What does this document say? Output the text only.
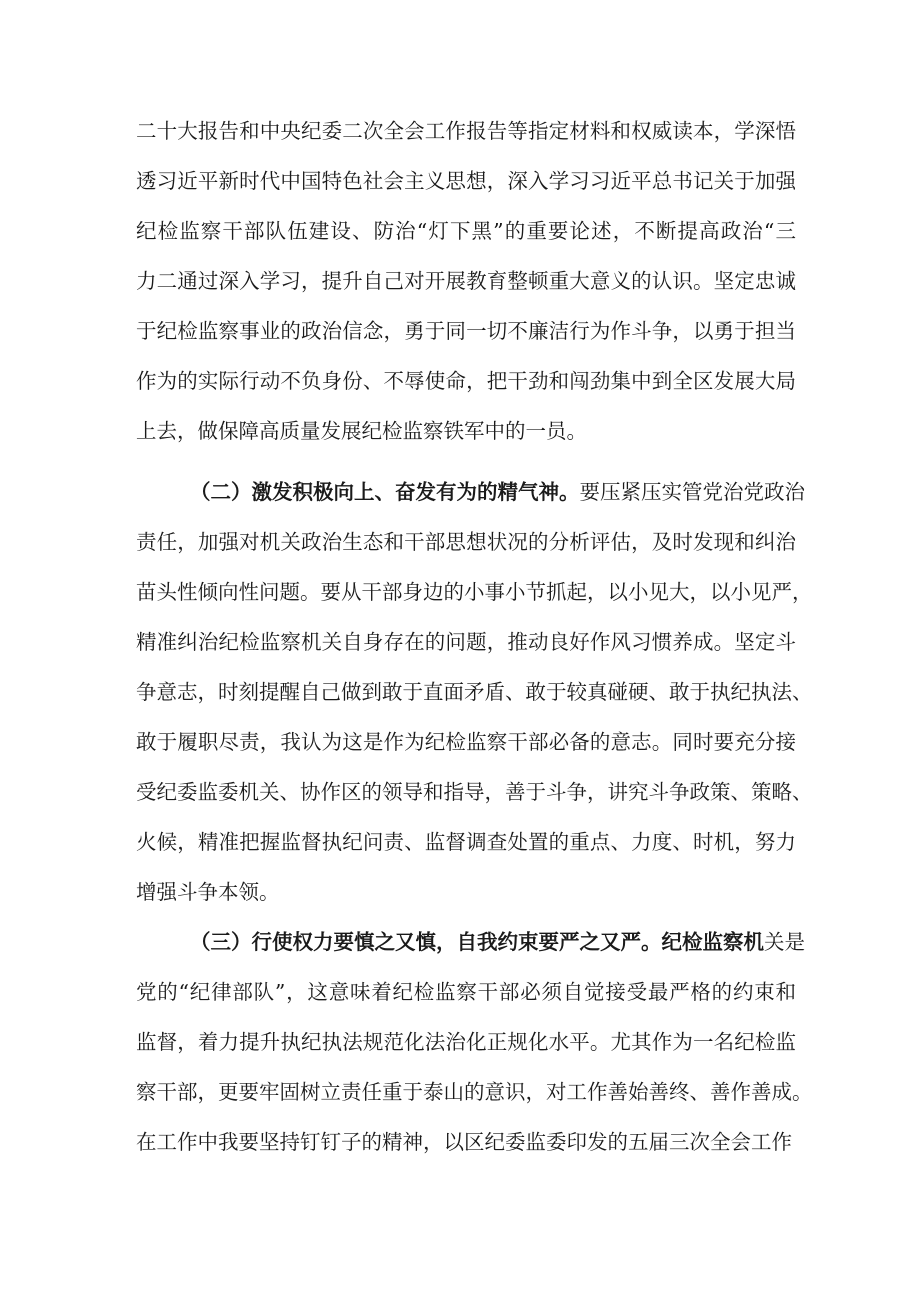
二十大报告和中央纪委二次全会工作报告等指定材料和权威读本，学深悟
透习近平新时代中国特色社会主义思想，深入学习习近平总书记关于加强
纪检监察干部队伍建设、防治“灯下黑”的重要论述，不断提高政治“三
力二通过深入学习，提升自己对开展教育整顿重大意义的认识。坚定忠诚
于纪检监察事业的政治信念，勇于同一切不廉洁行为作斗争，以勇于担当
作为的实际行动不负身份、不辱使命，把干劲和闯劲集中到全区发展大局
上去，做保障高质量发展纪检监察铁军中的一员。
（二）激发积极向上、奋发有为的精气神。要压紧压实管党治党政治
责任，加强对机关政治生态和干部思想状况的分析评估，及时发现和纠治
苗头性倾向性问题。要从干部身边的小事小节抓起，以小见大，以小见严，
精准纠治纪检监察机关自身存在的问题，推动良好作风习惯养成。坚定斗
争意志，时刻提醒自己做到敢于直面矛盾、敢于较真碰硬、敢于执纪执法、
敢于履职尽责，我认为这是作为纪检监察干部必备的意志。同时要充分接
受纪委监委机关、协作区的领导和指导，善于斗争，讲究斗争政策、策略、
火候，精准把握监督执纪问责、监督调查处置的重点、力度、时机，努力
增强斗争本领。
（三）行使权力要慎之又慎，自我约束要严之又严。纪检监察机关是
党的“纪律部队”，这意味着纪检监察干部必须自觉接受最严格的约束和
监督，着力提升执纪执法规范化法治化正规化水平。尤其作为一名纪检监
察干部，更要牢固树立责任重于泰山的意识，对工作善始善终、善作善成。
在工作中我要坚持钉钉子的精神，以区纪委监委印发的五届三次全会工作
